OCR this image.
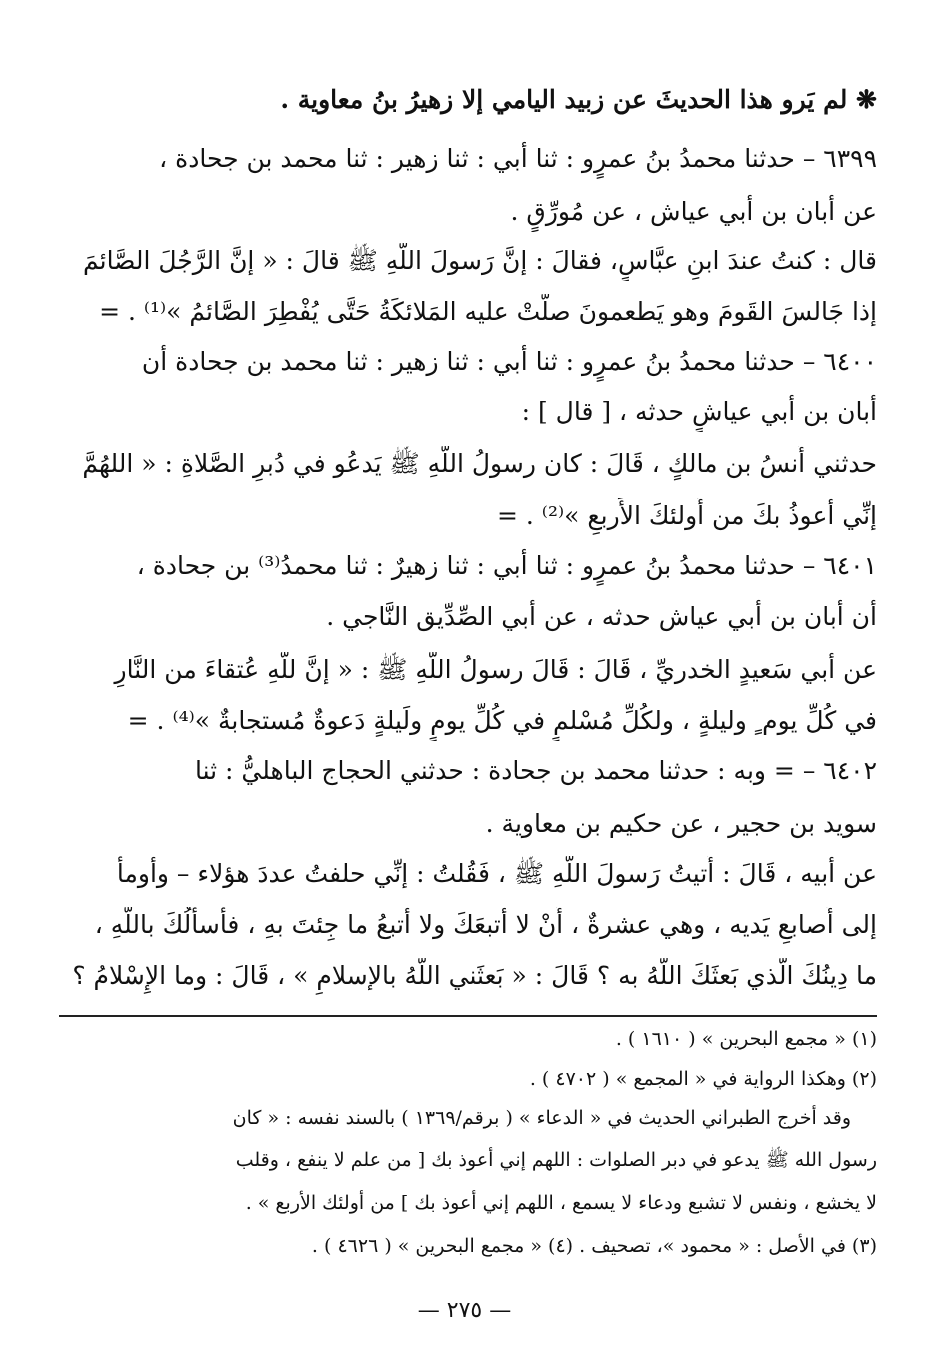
❋ لم يَرو هذا الحديثَ عن زبيد اليامي إلا زهيرُ بنُ معاوية .
٦٣٩٩ – حدثنا محمدُ بنُ عمرٍو : ثنا أبي : ثنا زهير : ثنا محمد بن جحادة ،
عن أبان بن أبي عياش ، عن مُورِّقٍ .
قال : كنتُ عندَ ابنِ عبَّاسٍ، فقالَ : إنَّ رَسولَ اللَّهِ ﷺ قالَ : « إنَّ الرَّجُلَ الصَّائمَ
إذا جَالسَ القَومَ وهو يَطعمونَ صلَّتْ عليه المَلائكَةُ حَتَّى يُفْطِرَ الصَّائمُ »⁽¹⁾ . =
٦٤٠٠ – حدثنا محمدُ بنُ عمرٍو : ثنا أبي : ثنا زهير : ثنا محمد بن جحادة أن
أبان بن أبي عياشٍ حدثه ، [ قال ] :
حدثني أَنسُ بن مالكٍ ، قَالَ : كان رسولُ اللَّهِ ﷺ يَدعُو في دُبرِ الصَّلاةِ : « اللهُمَّ
إنِّي أعوذُ بكَ من أُولئكَ الأَربعِ »⁽²⁾ . =
٦٤٠١ – حدثنا محمدُ بنُ عمرٍو : ثنا أبي : ثنا زهيرٌ : ثنا محمدُ⁽³⁾ بن جحادة ،
أن أبان بن أبي عياش حدثه ، عن أبي الصِّدِّيق النَّاجي .
عن أبي سَعيدٍ الخدريِّ ، قَالَ : قَالَ رسولُ اللَّهِ ﷺ : « إنَّ للَّهِ عُتقاءَ من النَّارِ
في كُلِّ يوم ٍ وليلةٍ ، ولكُلِّ مُسْلمٍ في كُلِّ يومٍ ولَيلةٍ دَعوةٌ مُستجابةٌ »⁽⁴⁾ . =
٦٤٠٢ – = وبه : حدثنا محمد بن جحادة : حدثني الحجاج الباهليُّ : ثنا
سويد بن حجير ، عن حكيم بن معاوية .
عن أبيه ، قَالَ : أَتيتُ رَسولَ اللَّهِ ﷺ ، فَقُلتُ : إنِّي حلفتُ عددَ هؤلاء – وأومأ
إلى أَصابعِ يَديه ، وهي عشرةٌ ، أَنْ لا أتبعَكَ ولا أتبعُ ما جِئتَ بهِ ، فأسألُكَ باللَّهِ ،
ما دِينُكَ الَّذي بَعثَكَ اللَّهُ به ؟ قَالَ : « بَعثَني اللَّهُ بالإسلامِ » ، قَالَ : وما الإِسْلامُ ؟
(١) « مجمع البحرين » ( ١٦١٠ ) .
(٢) وهكذا الرواية في « المجمع » ( ٤٧٠٢ ) .
وقد أخرج الطبراني الحديث في « الدعاء » ( برقم/١٣٦٩ ) بالسند نفسه : « كان
رسول الله ﷺ يدعو في دبر الصلوات : اللهم إني أعوذ بك [ من علم لا ينفع ، وقلب
لا يخشع ، ونفس لا تشبع ودعاء لا يسمع ، اللهم إني أعوذ بك ] من أولئك الأربع » .
(٣) في الأصل : « محمود »، تصحيف . (٤) « مجمع البحرين » ( ٤٦٢٦ ) .
— ٢٧٥ —
